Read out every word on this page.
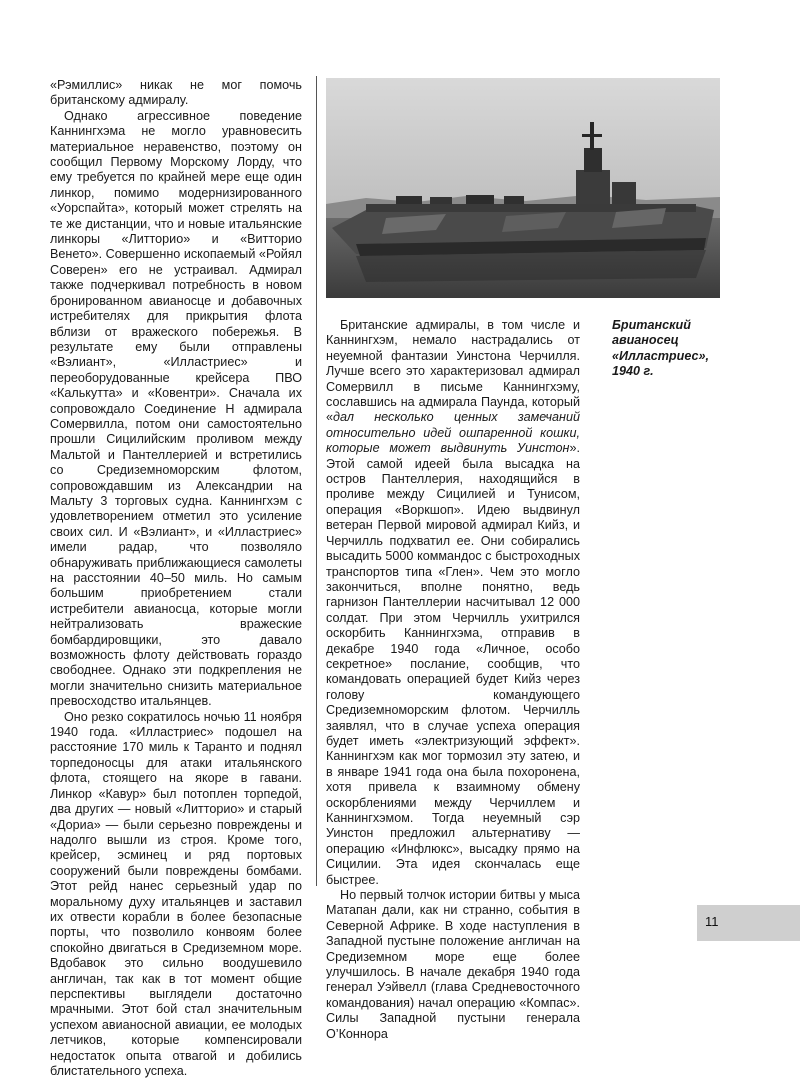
«Рэмиллис» никак не мог помочь британскому адмиралу.

Однако агрессивное поведение Каннингхэма не могло уравновесить материальное неравенство, поэтому он сообщил Первому Морскому Лорду, что ему требуется по крайней мере еще один линкор, помимо модернизированного «Уорспайта», который может стрелять на те же дистанции, что и новые итальянские линкоры «Литторио» и «Витторио Венето». Совершенно ископаемый «Ройял Соверен» его не устраивал. Адмирал также подчеркивал потребность в новом бронированном авианосце и добавочных истребителях для прикрытия флота вблизи от вражеского побережья. В результате ему были отправлены «Вэлиант», «Илластриес» и переоборудованные крейсера ПВО «Калькутта» и «Ковентри». Сначала их сопровождало Соединение Н адмирала Сомервилла, потом они самостоятельно прошли Сицилийским проливом между Мальтой и Пантеллерией и встретились со Средиземноморским флотом, сопровождавшим из Александрии на Мальту 3 торговых судна. Каннингхэм с удовлетворением отметил это усиление своих сил. И «Вэлиант», и «Илластриес» имели радар, что позволяло обнаруживать приближающиеся самолеты на расстоянии 40–50 миль. Но самым большим приобретением стали истребители авианосца, которые могли нейтрализовать вражеские бомбардировщики, это давало возможность флоту действовать гораздо свободнее. Однако эти подкрепления не могли значительно снизить материальное превосходство итальянцев.

Оно резко сократилось ночью 11 ноября 1940 года. «Илластриес» подошел на расстояние 170 миль к Таранто и поднял торпедоносцы для атаки итальянского флота, стоящего на якоре в гавани. Линкор «Кавур» был потоплен торпедой, два других — новый «Литторио» и старый «Дориа» — были серьезно повреждены и надолго вышли из строя. Кроме того, крейсер, эсминец и ряд портовых сооружений были повреждены бомбами. Этот рейд нанес серьезный удар по моральному духу итальянцев и заставил их отвести корабли в более безопасные порты, что позволило конвоям более спокойно двигаться в Средиземном море. Вдобавок это сильно воодушевило англичан, так как в тот момент общие перспективы выглядели достаточно мрачными. Этот бой стал значительным успехом авианосной авиации, ее молодых летчиков, которые компенсировали недостаток опыта отвагой и добились блистательного успеха.

Британский авианосец «Илластриес», 1940 г.

Британские адмиралы, в том числе и Каннингхэм, немало настрадались от неуемной фантазии Уинстона Черчилля. Лучше всего это характеризовал адмирал Сомервилл в письме Каннингхэму, сославшись на адмирала Паунда, который «дал несколько ценных замечаний относительно идей ошпаренной кошки, которые может выдвинуть Уинстон». Этой самой идеей была высадка на остров Пантеллерия, находящийся в проливе между Сицилией и Тунисом, операция «Воркшоп». Идею выдвинул ветеран Первой мировой адмирал Кийз, и Черчилль подхватил ее. Они собирались высадить 5000 коммандос с быстроходных транспортов типа «Глен». Чем это могло закончиться, вполне понятно, ведь гарнизон Пантеллерии насчитывал 12 000 солдат. При этом Черчилль ухитрился оскорбить Каннингхэма, отправив в декабре 1940 года «Личное, особо секретное» послание, сообщив, что командовать операцией будет Кийз через голову командующего Средиземноморским флотом. Черчилль заявлял, что в случае успеха операция будет иметь «электризующий эффект». Каннингхэм как мог тормозил эту затею, и в январе 1941 года она была похоронена, хотя привела к взаимному обмену оскорблениями между Черчиллем и Каннингхэмом. Тогда неуемный сэр Уинстон предложил альтернативу — операцию «Инфлюкс», высадку прямо на Сицилии. Эта идея скончалась еще быстрее.

Но первый толчок истории битвы у мыса Матапан дали, как ни странно, события в Северной Африке. В ходе наступления в Западной пустыне положение англичан на Средиземном море еще более улучшилось. В начале декабря 1940 года генерал Уэйвелл (глава Средневосточного командования) начал операцию «Компас». Силы Западной пустыни генерала О’Коннора

11
